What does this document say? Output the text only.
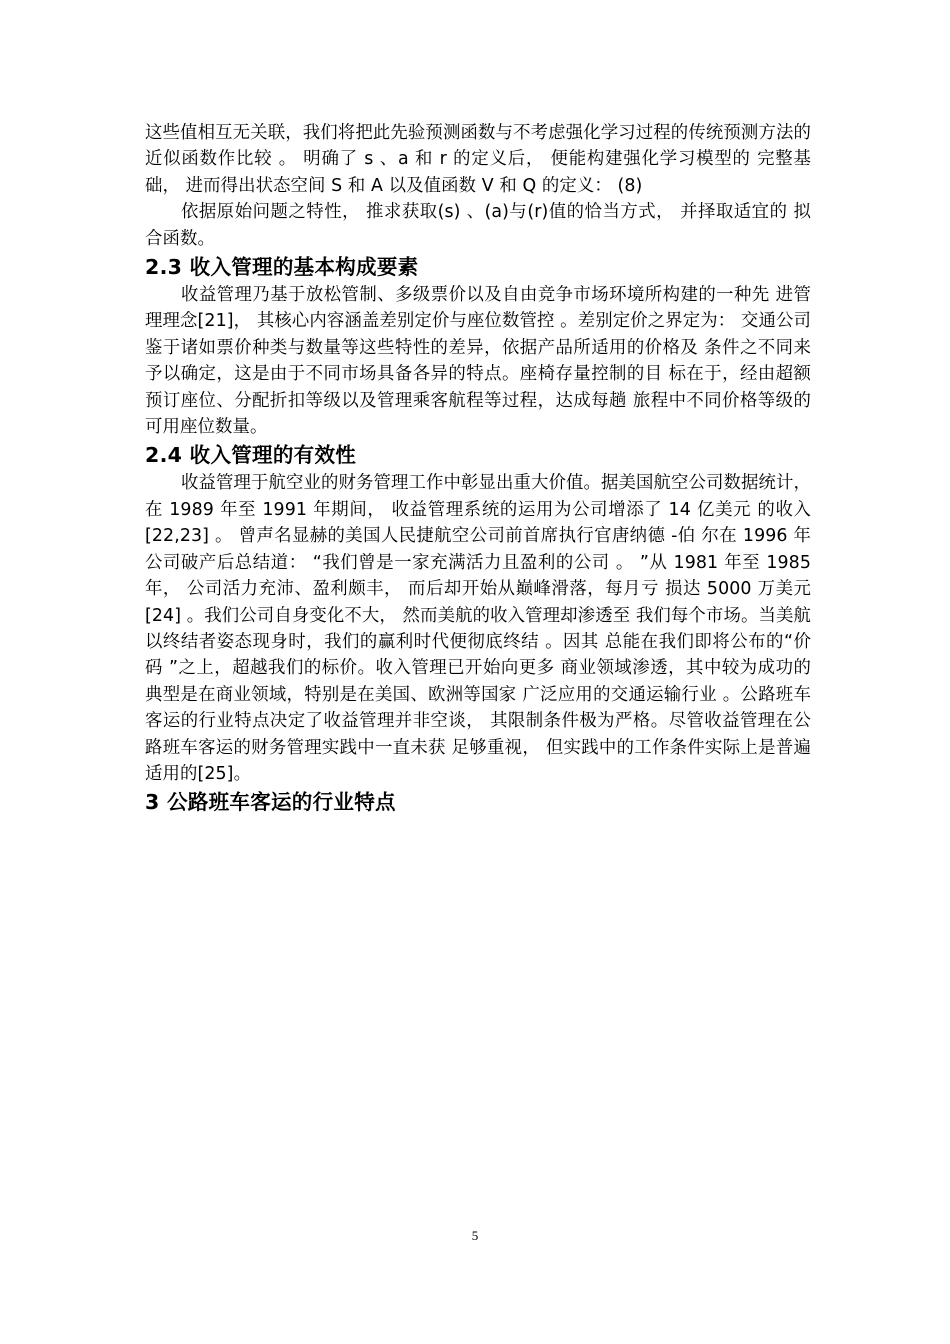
这些值相互无关联，我们将把此先验预测函数与不考虑强化学习过程的传统预测方法的近似函数作比较 。 明确了 s 、a 和 r 的定义后， 便能构建强化学习模型的 完整基础， 进而得出状态空间 S 和 A 以及值函数 V 和 Q 的定义： (8)

依据原始问题之特性， 推求获取(s) 、(a)与(r)值的恰当方式， 并择取适宜的 拟合函数。

2.3 收入管理的基本构成要素

收益管理乃基于放松管制、多级票价以及自由竞争市场环境所构建的一种先 进管理理念[21]， 其核心内容涵盖差别定价与座位数管控 。差别定价之界定为： 交通公司鉴于诸如票价种类与数量等这些特性的差异，依据产品所适用的价格及 条件之不同来予以确定，这是由于不同市场具备各异的特点。座椅存量控制的目 标在于，经由超额预订座位、分配折扣等级以及管理乘客航程等过程，达成每趟 旅程中不同价格等级的可用座位数量。

2.4 收入管理的有效性

收益管理于航空业的财务管理工作中彰显出重大价值。据美国航空公司数据统计， 在 1989 年至 1991 年期间， 收益管理系统的运用为公司增添了 14 亿美元 的收入[22,23] 。 曾声名显赫的美国人民捷航空公司前首席执行官唐纳德 -伯 尔在 1996 年公司破产后总结道： “我们曾是一家充满活力且盈利的公司 。 ”从 1981 年至 1985 年， 公司活力充沛、盈利颇丰， 而后却开始从巅峰滑落，每月亏 损达 5000 万美元[24] 。我们公司自身变化不大， 然而美航的收入管理却渗透至 我们每个市场。当美航以终结者姿态现身时，我们的赢利时代便彻底终结 。因其 总能在我们即将公布的“价码 ”之上，超越我们的标价。收入管理已开始向更多 商业领域渗透，其中较为成功的典型是在商业领域，特别是在美国、欧洲等国家 广泛应用的交通运输行业 。公路班车客运的行业特点决定了收益管理并非空谈， 其限制条件极为严格。尽管收益管理在公路班车客运的财务管理实践中一直未获 足够重视， 但实践中的工作条件实际上是普遍适用的[25]。

3 公路班车客运的行业特点
5
